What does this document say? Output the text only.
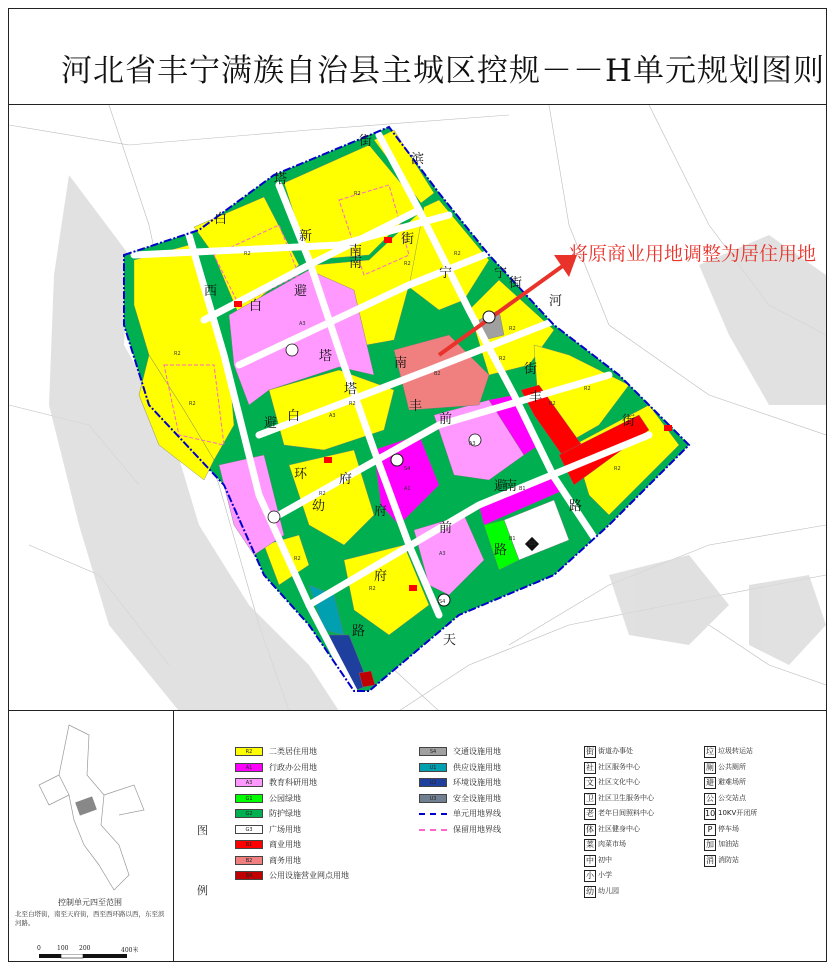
河北省丰宁满族自治县主城区控规－－H单元规划图则
街
滨
塔
白
新
南
街
宁
西
白
塔
避
河
街
南
丰
前
塔
白
府
环
避
府
幼	府
前
路
路
天
丰
街
路
宁
南
南
街
避
R2
R2
R2
R2
R2
A3
R2
B2
R2
R2
R2
A3
A1
R2
R2
A3
R2
R2
B1
G1
S4
S4
R2
R2
A3
B1
将原商业用地调整为居住用地
控制单元四至范围
北至白塔街，南至天府街，西至西环路以西，东至滨河路。
0	100 200	400米
图例
R2	二类居住用地
A1	行政办公用地
A3	教育科研用地
G1	公园绿地
G2	防护绿地
G3	广场用地
B1	商业用地
B2	商务用地
B4	公用设施营业网点用地
S4	交通设施用地
U1	供应设施用地
U2	环境设施用地
U3	安全设施用地
单元用地界线
保留用地界线
街 街道办事处
社 社区服务中心
文 社区文化中心
卫 社区卫生服务中心
老 老年日间照料中心
体 社区健身中心
菜 肉菜市场
中 初中
小 小学
幼 幼儿园
垃 垃圾转运站
厕 公共厕所
避 避难场所
公 公交站点
10 10KV开闭所
P 停车场
加 加油站
消 消防站
